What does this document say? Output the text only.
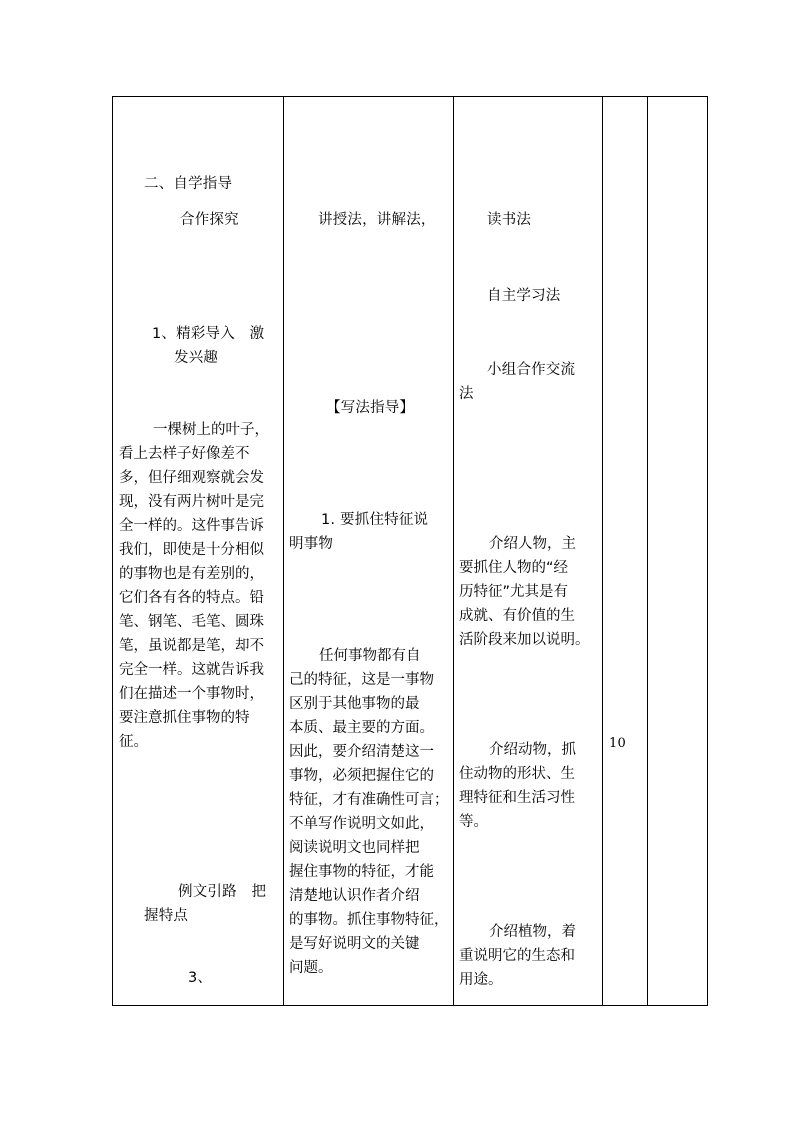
二、自学指导
合作探究
1、精彩导入　激
发兴趣
一棵树上的叶子，
看上去样子好像差不
多，但仔细观察就会发
现，没有两片树叶是完
全一样的。这件事告诉
我们，即使是十分相似
的事物也是有差别的，
它们各有各的特点。铅
笔、钢笔、毛笔、圆珠
笔，虽说都是笔，却不
完全一样。这就告诉我
们在描述一个事物时，
要注意抓住事物的特
征。
例文引路　把
握特点
3、
讲授法，讲解法，
【写法指导】
1. 要抓住特征说
明事物
任何事物都有自
己的特征，这是一事物
区别于其他事物的最
本质、最主要的方面。
因此，要介绍清楚这一
事物，必须把握住它的
特征，才有准确性可言；
不单写作说明文如此，
阅读说明文也同样把
握住事物的特征，才能
清楚地认识作者介绍
的事物。抓住事物特征，
是写好说明文的关键
问题。
读书法
自主学习法
小组合作交流
法
介绍人物，主
要抓住人物的“经
历特征”尤其是有
成就、有价值的生
活阶段来加以说明。
介绍动物，抓
住动物的形状、生
理特征和生活习性
等。
介绍植物，着
重说明它的生态和
用途。
10
